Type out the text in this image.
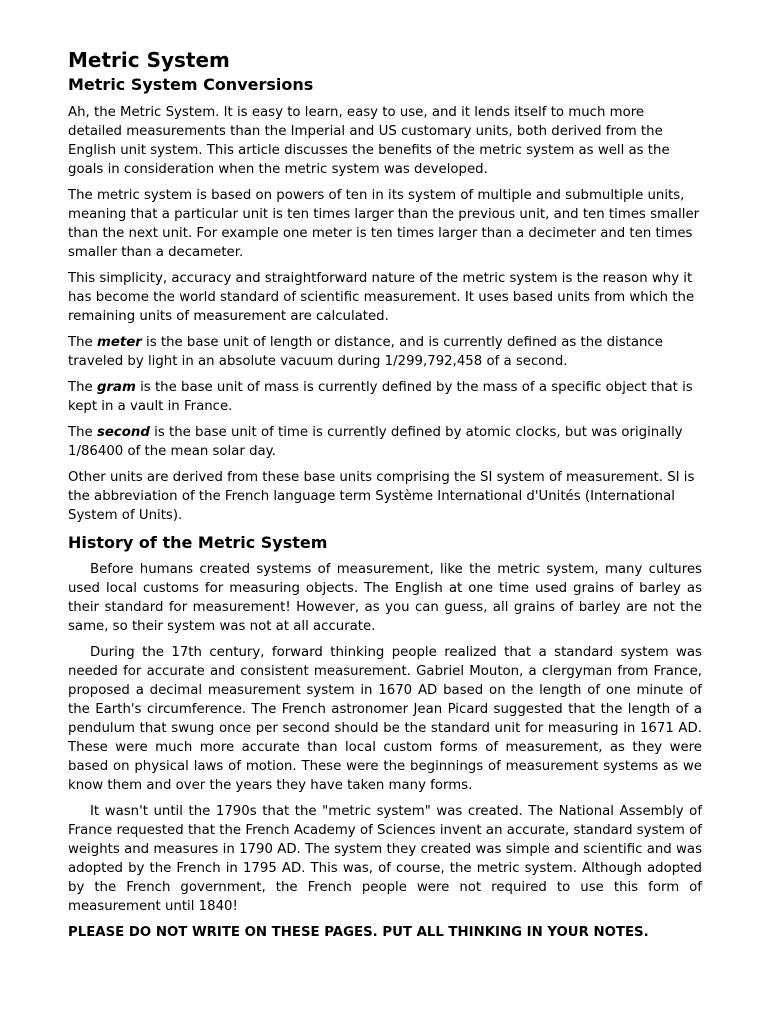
Metric System
Metric System Conversions

Ah, the Metric System. It is easy to learn, easy to use, and it lends itself to much more detailed measurements than the Imperial and US customary units, both derived from the English unit system. This article discusses the benefits of the metric system as well as the goals in consideration when the metric system was developed.

The metric system is based on powers of ten in its system of multiple and submultiple units, meaning that a particular unit is ten times larger than the previous unit, and ten times smaller than the next unit. For example one meter is ten times larger than a decimeter and ten times smaller than a decameter.

This simplicity, accuracy and straightforward nature of the metric system is the reason why it has become the world standard of scientific measurement. It uses based units from which the remaining units of measurement are calculated.

The meter is the base unit of length or distance, and is currently defined as the distance traveled by light in an absolute vacuum during 1/299,792,458 of a second.

The gram is the base unit of mass is currently defined by the mass of a specific object that is kept in a vault in France.

The second is the base unit of time is currently defined by atomic clocks, but was originally 1/86400 of the mean solar day.

Other units are derived from these base units comprising the SI system of measurement. SI is the abbreviation of the French language term Système International d'Unités (International System of Units).

History of the Metric System

Before humans created systems of measurement, like the metric system, many cultures used local customs for measuring objects. The English at one time used grains of barley as their standard for measurement! However, as you can guess, all grains of barley are not the same, so their system was not at all accurate.

During the 17th century, forward thinking people realized that a standard system was needed for accurate and consistent measurement. Gabriel Mouton, a clergyman from France, proposed a decimal measurement system in 1670 AD based on the length of one minute of the Earth's circumference. The French astronomer Jean Picard suggested that the length of a pendulum that swung once per second should be the standard unit for measuring in 1671 AD. These were much more accurate than local custom forms of measurement, as they were based on physical laws of motion. These were the beginnings of measurement systems as we know them and over the years they have taken many forms.

It wasn't until the 1790s that the "metric system" was created. The National Assembly of France requested that the French Academy of Sciences invent an accurate, standard system of weights and measures in 1790 AD. The system they created was simple and scientific and was adopted by the French in 1795 AD. This was, of course, the metric system. Although adopted by the French government, the French people were not required to use this form of measurement until 1840!

PLEASE DO NOT WRITE ON THESE PAGES. PUT ALL THINKING IN YOUR NOTES.
